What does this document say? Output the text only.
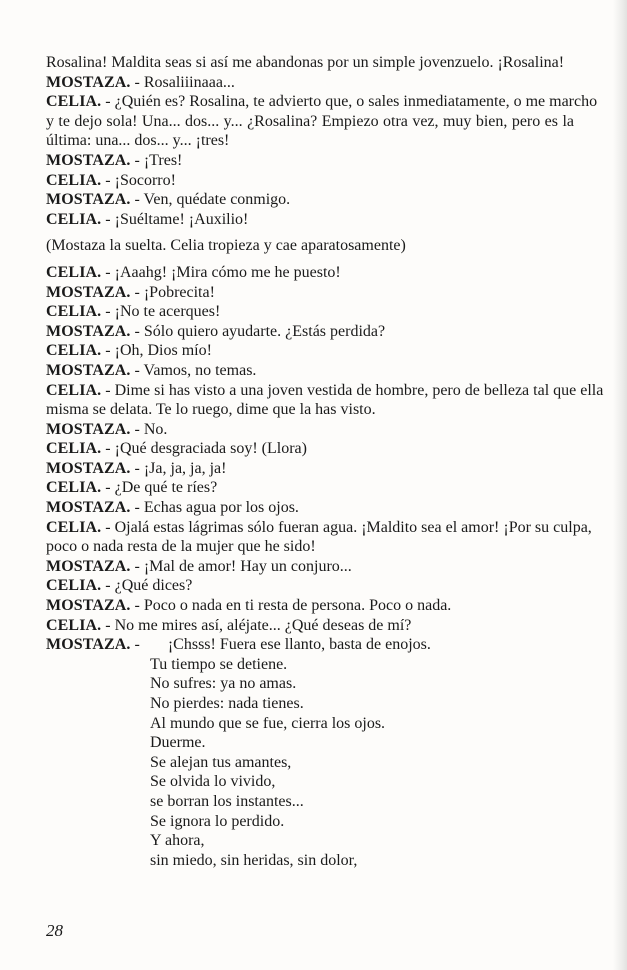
Rosalina! Maldita seas si así me abandonas por un simple jovenzuelo. ¡Rosalina!
MOSTAZA. - Rosaliiinaaa...
CELIA. - ¿Quién es? Rosalina, te advierto que, o sales inmediatamente, o me marcho
y te dejo sola! Una... dos... y... ¿Rosalina? Empiezo otra vez, muy bien, pero es la
última: una... dos... y... ¡tres!
MOSTAZA. - ¡Tres!
CELIA. - ¡Socorro!
MOSTAZA. - Ven, quédate conmigo.
CELIA. - ¡Suéltame! ¡Auxilio!
(Mostaza la suelta. Celia tropieza y cae aparatosamente)
CELIA. - ¡Aaahg! ¡Mira cómo me he puesto!
MOSTAZA. - ¡Pobrecita!
CELIA. - ¡No te acerques!
MOSTAZA. - Sólo quiero ayudarte. ¿Estás perdida?
CELIA. - ¡Oh, Dios mío!
MOSTAZA. - Vamos, no temas.
CELIA. - Dime si has visto a una joven vestida de hombre, pero de belleza tal que ella
misma se delata. Te lo ruego, dime que la has visto.
MOSTAZA. - No.
CELIA. - ¡Qué desgraciada soy! (Llora)
MOSTAZA. - ¡Ja, ja, ja, ja!
CELIA. - ¿De qué te ríes?
MOSTAZA. - Echas agua por los ojos.
CELIA. - Ojalá estas lágrimas sólo fueran agua. ¡Maldito sea el amor! ¡Por su culpa,
poco o nada resta de la mujer que he sido!
MOSTAZA. - ¡Mal de amor! Hay un conjuro...
CELIA. - ¿Qué dices?
MOSTAZA. - Poco o nada en ti resta de persona. Poco o nada.
CELIA. - No me mires así, aléjate... ¿Qué deseas de mí?
MOSTAZA. -       ¡Chsss! Fuera ese llanto, basta de enojos.
Tu tiempo se detiene.
No sufres: ya no amas.
No pierdes: nada tienes.
Al mundo que se fue, cierra los ojos.
Duerme.
Se alejan tus amantes,
Se olvida lo vivido,
se borran los instantes...
Se ignora lo perdido.
Y ahora,
sin miedo, sin heridas, sin dolor,
28
